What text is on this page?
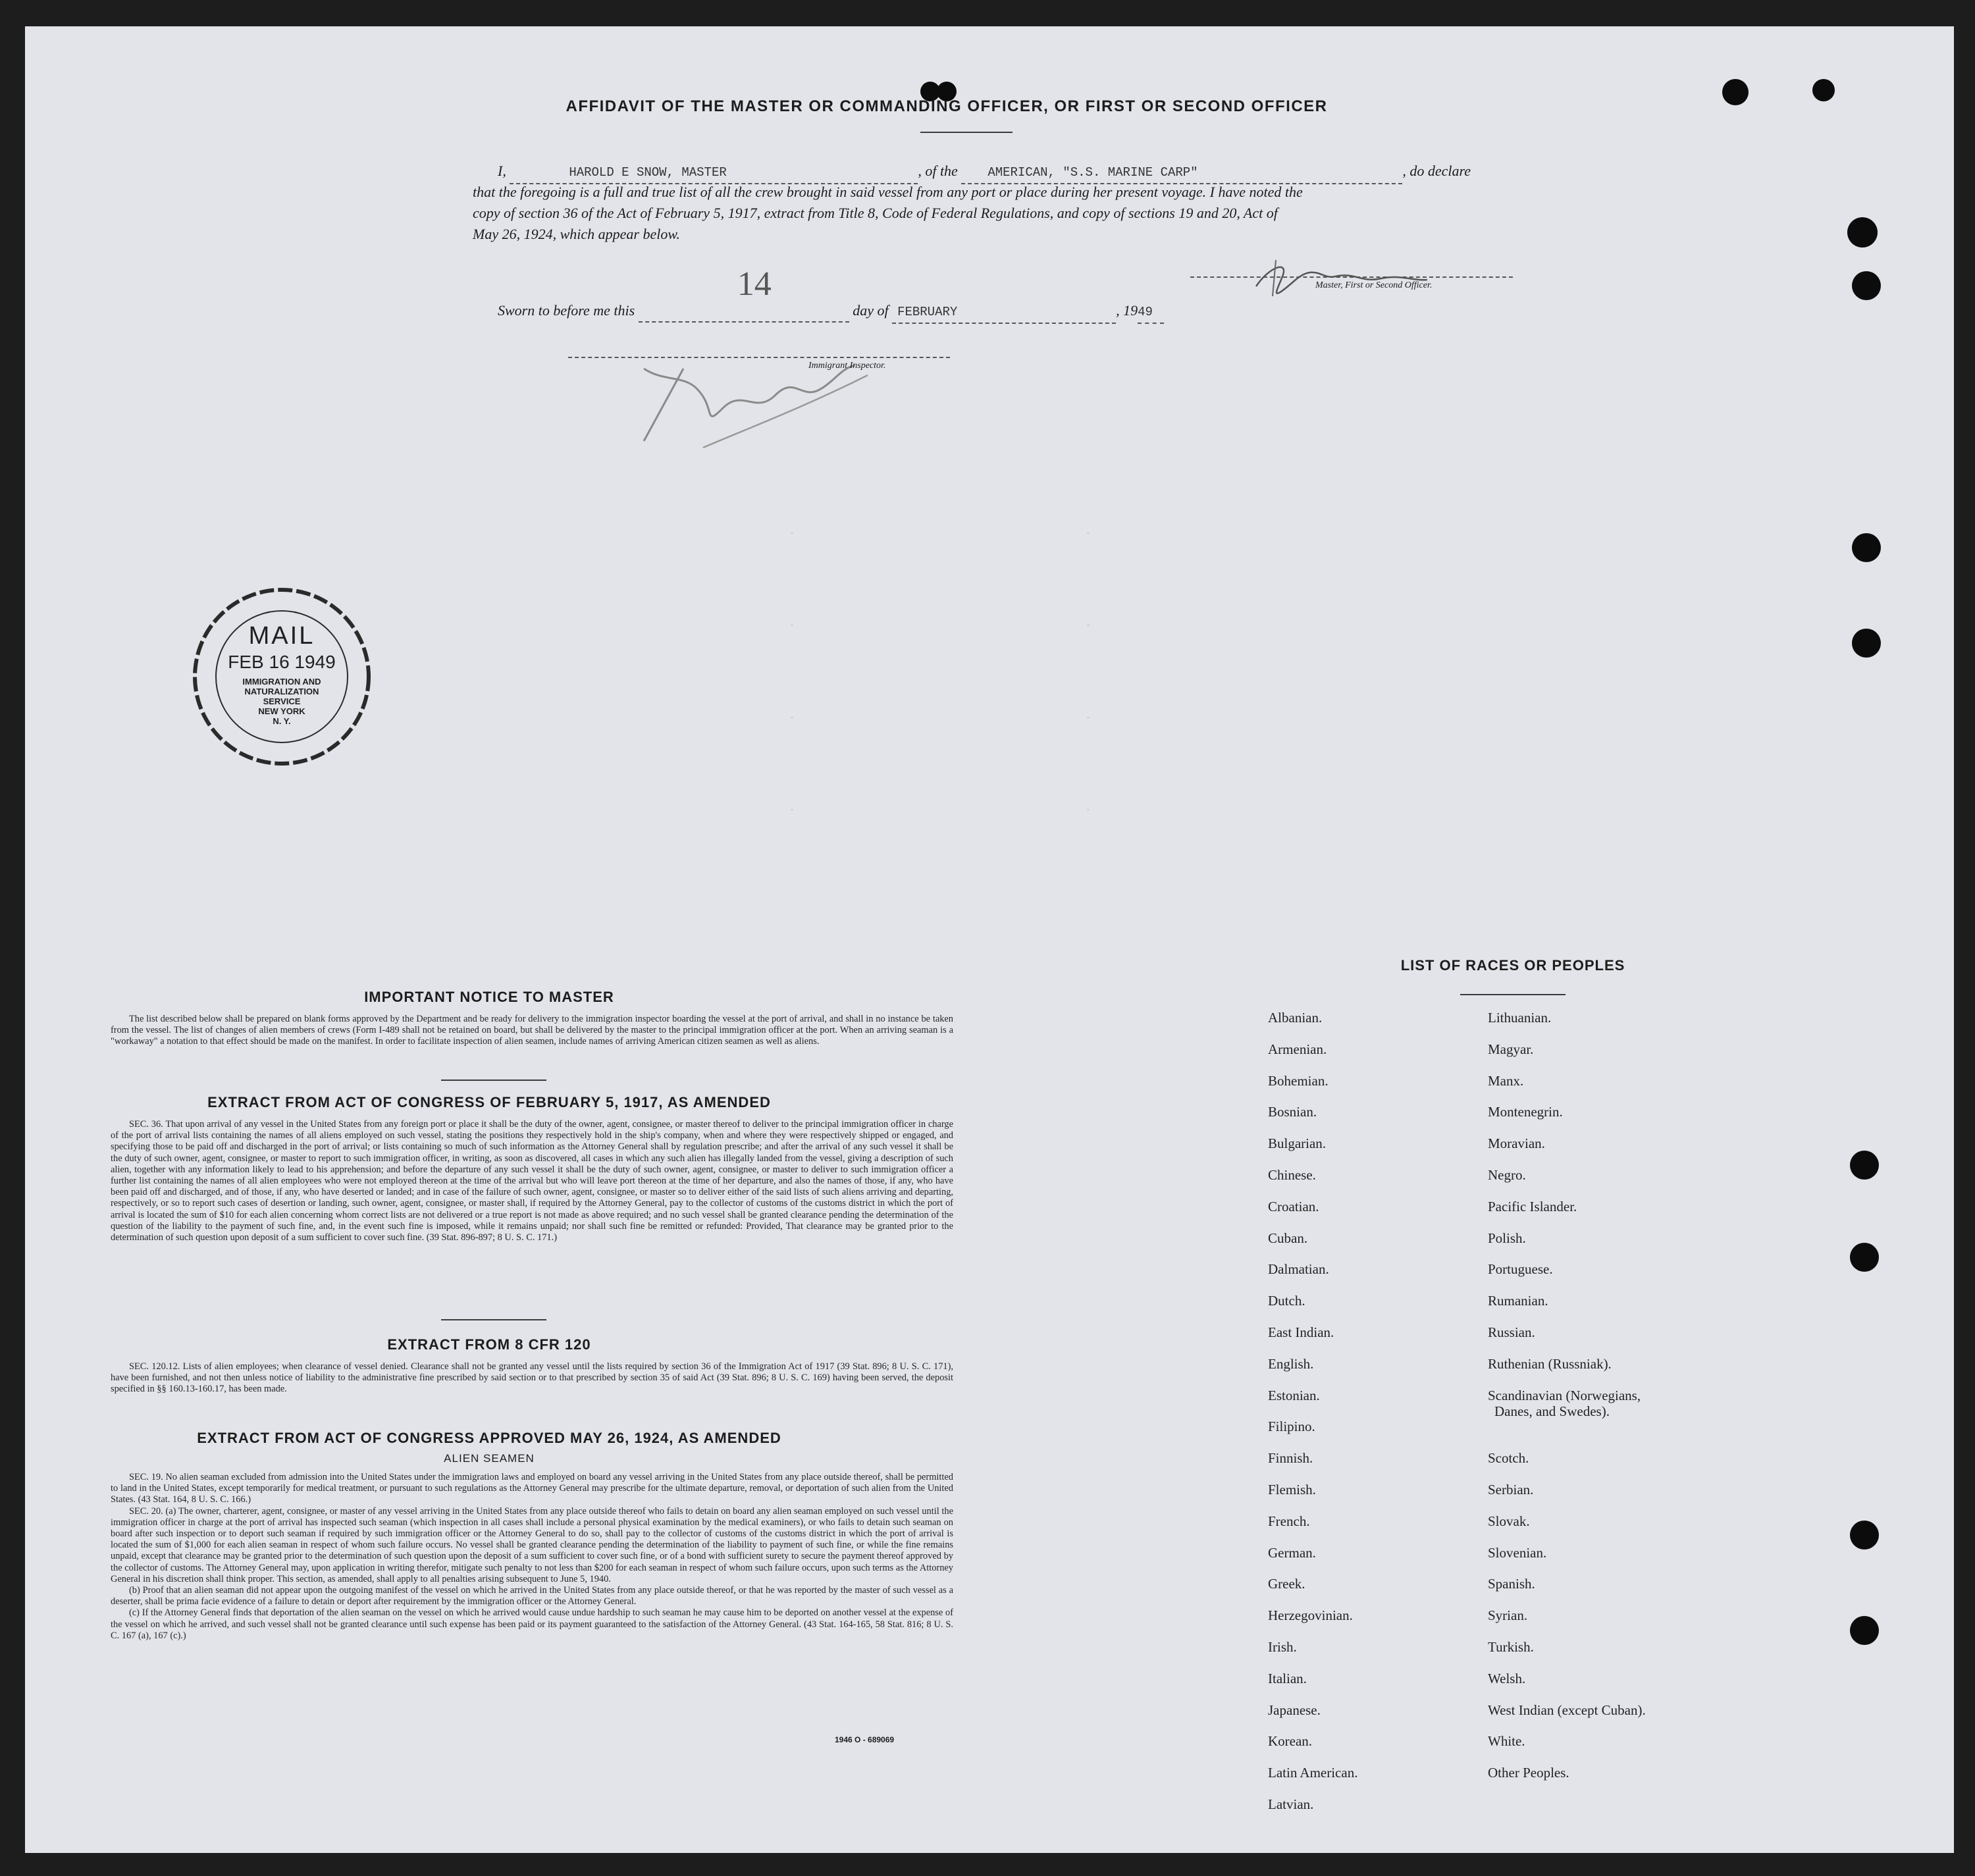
AFFIDAVIT OF THE MASTER OR COMMANDING OFFICER, OR FIRST OR SECOND OFFICER
I,	HAROLD E SNOW, MASTER	, of the AMERICAN, "S.S. MARINE CARP"	, do declare
that the foregoing is a full and true list of all the crew brought in said vessel from any port or place during her present voyage. I have noted the
copy of section 36 of the Act of February 5, 1917, extract from Title 8, Code of Federal Regulations, and copy of sections 19 and 20, Act of
May 26, 1924, which appear below.
Master, First or Second Officer.
Sworn to before me this
14
day of FEBRUARY	, 1949
Immigrant Inspector.
MAIL
FEB 16 1949
IMMIGRATION AND
NATURALIZATION
SERVICE
NEW YORK
N. Y.
IMPORTANT NOTICE TO MASTER

The list described below shall be prepared on blank forms approved by the Department and be ready for delivery to the immigration inspector boarding the vessel at the port of arrival, and shall in no instance be taken from the vessel. The list of changes of alien members of crews (Form I-489 shall not be retained on board, but shall be delivered by the master to the principal immigration officer at the port. When an arriving seaman is a "workaway" a notation to that effect should be made on the manifest. In order to facilitate inspection of alien seamen, include names of arriving American citizen seamen as well as aliens.

EXTRACT FROM ACT OF CONGRESS OF FEBRUARY 5, 1917, AS AMENDED

SEC. 36. That upon arrival of any vessel in the United States from any foreign port or place it shall be the duty of the owner, agent, consignee, or master thereof to deliver to the principal immigration officer in charge of the port of arrival lists containing the names of all aliens employed on such vessel, stating the positions they respectively hold in the ship's company, when and where they were respectively shipped or engaged, and specifying those to be paid off and discharged in the port of arrival; or lists containing so much of such information as the Attorney General shall by regulation prescribe; and after the arrival of any such vessel it shall be the duty of such owner, agent, consignee, or master to report to such immigration officer, in writing, as soon as discovered, all cases in which any such alien has illegally landed from the vessel, giving a description of such alien, together with any information likely to lead to his apprehension; and before the departure of any such vessel it shall be the duty of such owner, agent, consignee, or master to deliver to such immigration officer a further list containing the names of all alien employees who were not employed thereon at the time of the arrival but who will leave port thereon at the time of her departure, and also the names of those, if any, who have been paid off and discharged, and of those, if any, who have deserted or landed; and in case of the failure of such owner, agent, consignee, or master so to deliver either of the said lists of such aliens arriving and departing, respectively, or so to report such cases of desertion or landing, such owner, agent, consignee, or master shall, if required by the Attorney General, pay to the collector of customs of the customs district in which the port of arrival is located the sum of $10 for each alien concerning whom correct lists are not delivered or a true report is not made as above required; and no such vessel shall be granted clearance pending the determination of the question of the liability to the payment of such fine, and, in the event such fine is imposed, while it remains unpaid; nor shall such fine be remitted or refunded: Provided, That clearance may be granted prior to the determination of such question upon deposit of a sum sufficient to cover such fine. (39 Stat. 896-897; 8 U. S. C. 171.)

EXTRACT FROM 8 CFR 120

SEC. 120.12. Lists of alien employees; when clearance of vessel denied. Clearance shall not be granted any vessel until the lists required by section 36 of the Immigration Act of 1917 (39 Stat. 896; 8 U. S. C. 171), have been furnished, and not then unless notice of liability to the administrative fine prescribed by said section or to that prescribed by section 35 of said Act (39 Stat. 896; 8 U. S. C. 169) having been served, the deposit specified in §§ 160.13-160.17, has been made.

EXTRACT FROM ACT OF CONGRESS APPROVED MAY 26, 1924, AS AMENDED
ALIEN SEAMEN

SEC. 19. No alien seaman excluded from admission into the United States under the immigration laws and employed on board any vessel arriving in the United States from any place outside thereof, shall be permitted to land in the United States, except temporarily for medical treatment, or pursuant to such regulations as the Attorney General may prescribe for the ultimate departure, removal, or deportation of such alien from the United States. (43 Stat. 164, 8 U. S. C. 166.)

SEC. 20. (a) The owner, charterer, agent, consignee, or master of any vessel arriving in the United States from any place outside thereof who fails to detain on board any alien seaman employed on such vessel until the immigration officer in charge at the port of arrival has inspected such seaman (which inspection in all cases shall include a personal physical examination by the medical examiners), or who fails to detain such seaman on board after such inspection or to deport such seaman if required by such immigration officer or the Attorney General to do so, shall pay to the collector of customs of the customs district in which the port of arrival is located the sum of $1,000 for each alien seaman in respect of whom such failure occurs. No vessel shall be granted clearance pending the determination of the liability to payment of such fine, or while the fine remains unpaid, except that clearance may be granted prior to the determination of such question upon the deposit of a sum sufficient to cover such fine, or of a bond with sufficient surety to secure the payment thereof approved by the collector of customs. The Attorney General may, upon application in writing therefor, mitigate such penalty to not less than $200 for each seaman in respect of whom such failure occurs, upon such terms as the Attorney General in his discretion shall think proper. This section, as amended, shall apply to all penalties arising subsequent to June 5, 1940.

(b) Proof that an alien seaman did not appear upon the outgoing manifest of the vessel on which he arrived in the United States from any place outside thereof, or that he was reported by the master of such vessel as a deserter, shall be prima facie evidence of a failure to detain or deport after requirement by the immigration officer or the Attorney General.

(c) If the Attorney General finds that deportation of the alien seaman on the vessel on which he arrived would cause undue hardship to such seaman he may cause him to be deported on another vessel at the expense of the vessel on which he arrived, and such vessel shall not be granted clearance until such expense has been paid or its payment guaranteed to the satisfaction of the Attorney General. (43 Stat. 164-165, 58 Stat. 816; 8 U. S. C. 167 (a), 167 (c).)

1946 O - 689069
LIST OF RACES OR PEOPLES
Albanian.
Armenian.
Bohemian.
Bosnian.
Bulgarian.
Chinese.
Croatian.
Cuban.
Dalmatian.
Dutch.
East Indian.
English.
Estonian.
Filipino.
Finnish.
Flemish.
French.
German.
Greek.
Herzegovinian.
Irish.
Italian.
Japanese.
Korean.
Latin American.
Latvian.
Lithuanian.
Magyar.
Manx.
Montenegrin.
Moravian.
Negro.
Pacific Islander.
Polish.
Portuguese.
Rumanian.
Russian.
Ruthenian (Russniak).
Scandinavian (Norwegians,
Danes, and Swedes).
Scotch.
Serbian.
Slovak.
Slovenian.
Spanish.
Syrian.
Turkish.
Welsh.
West Indian (except Cuban).
White.
Other Peoples.
